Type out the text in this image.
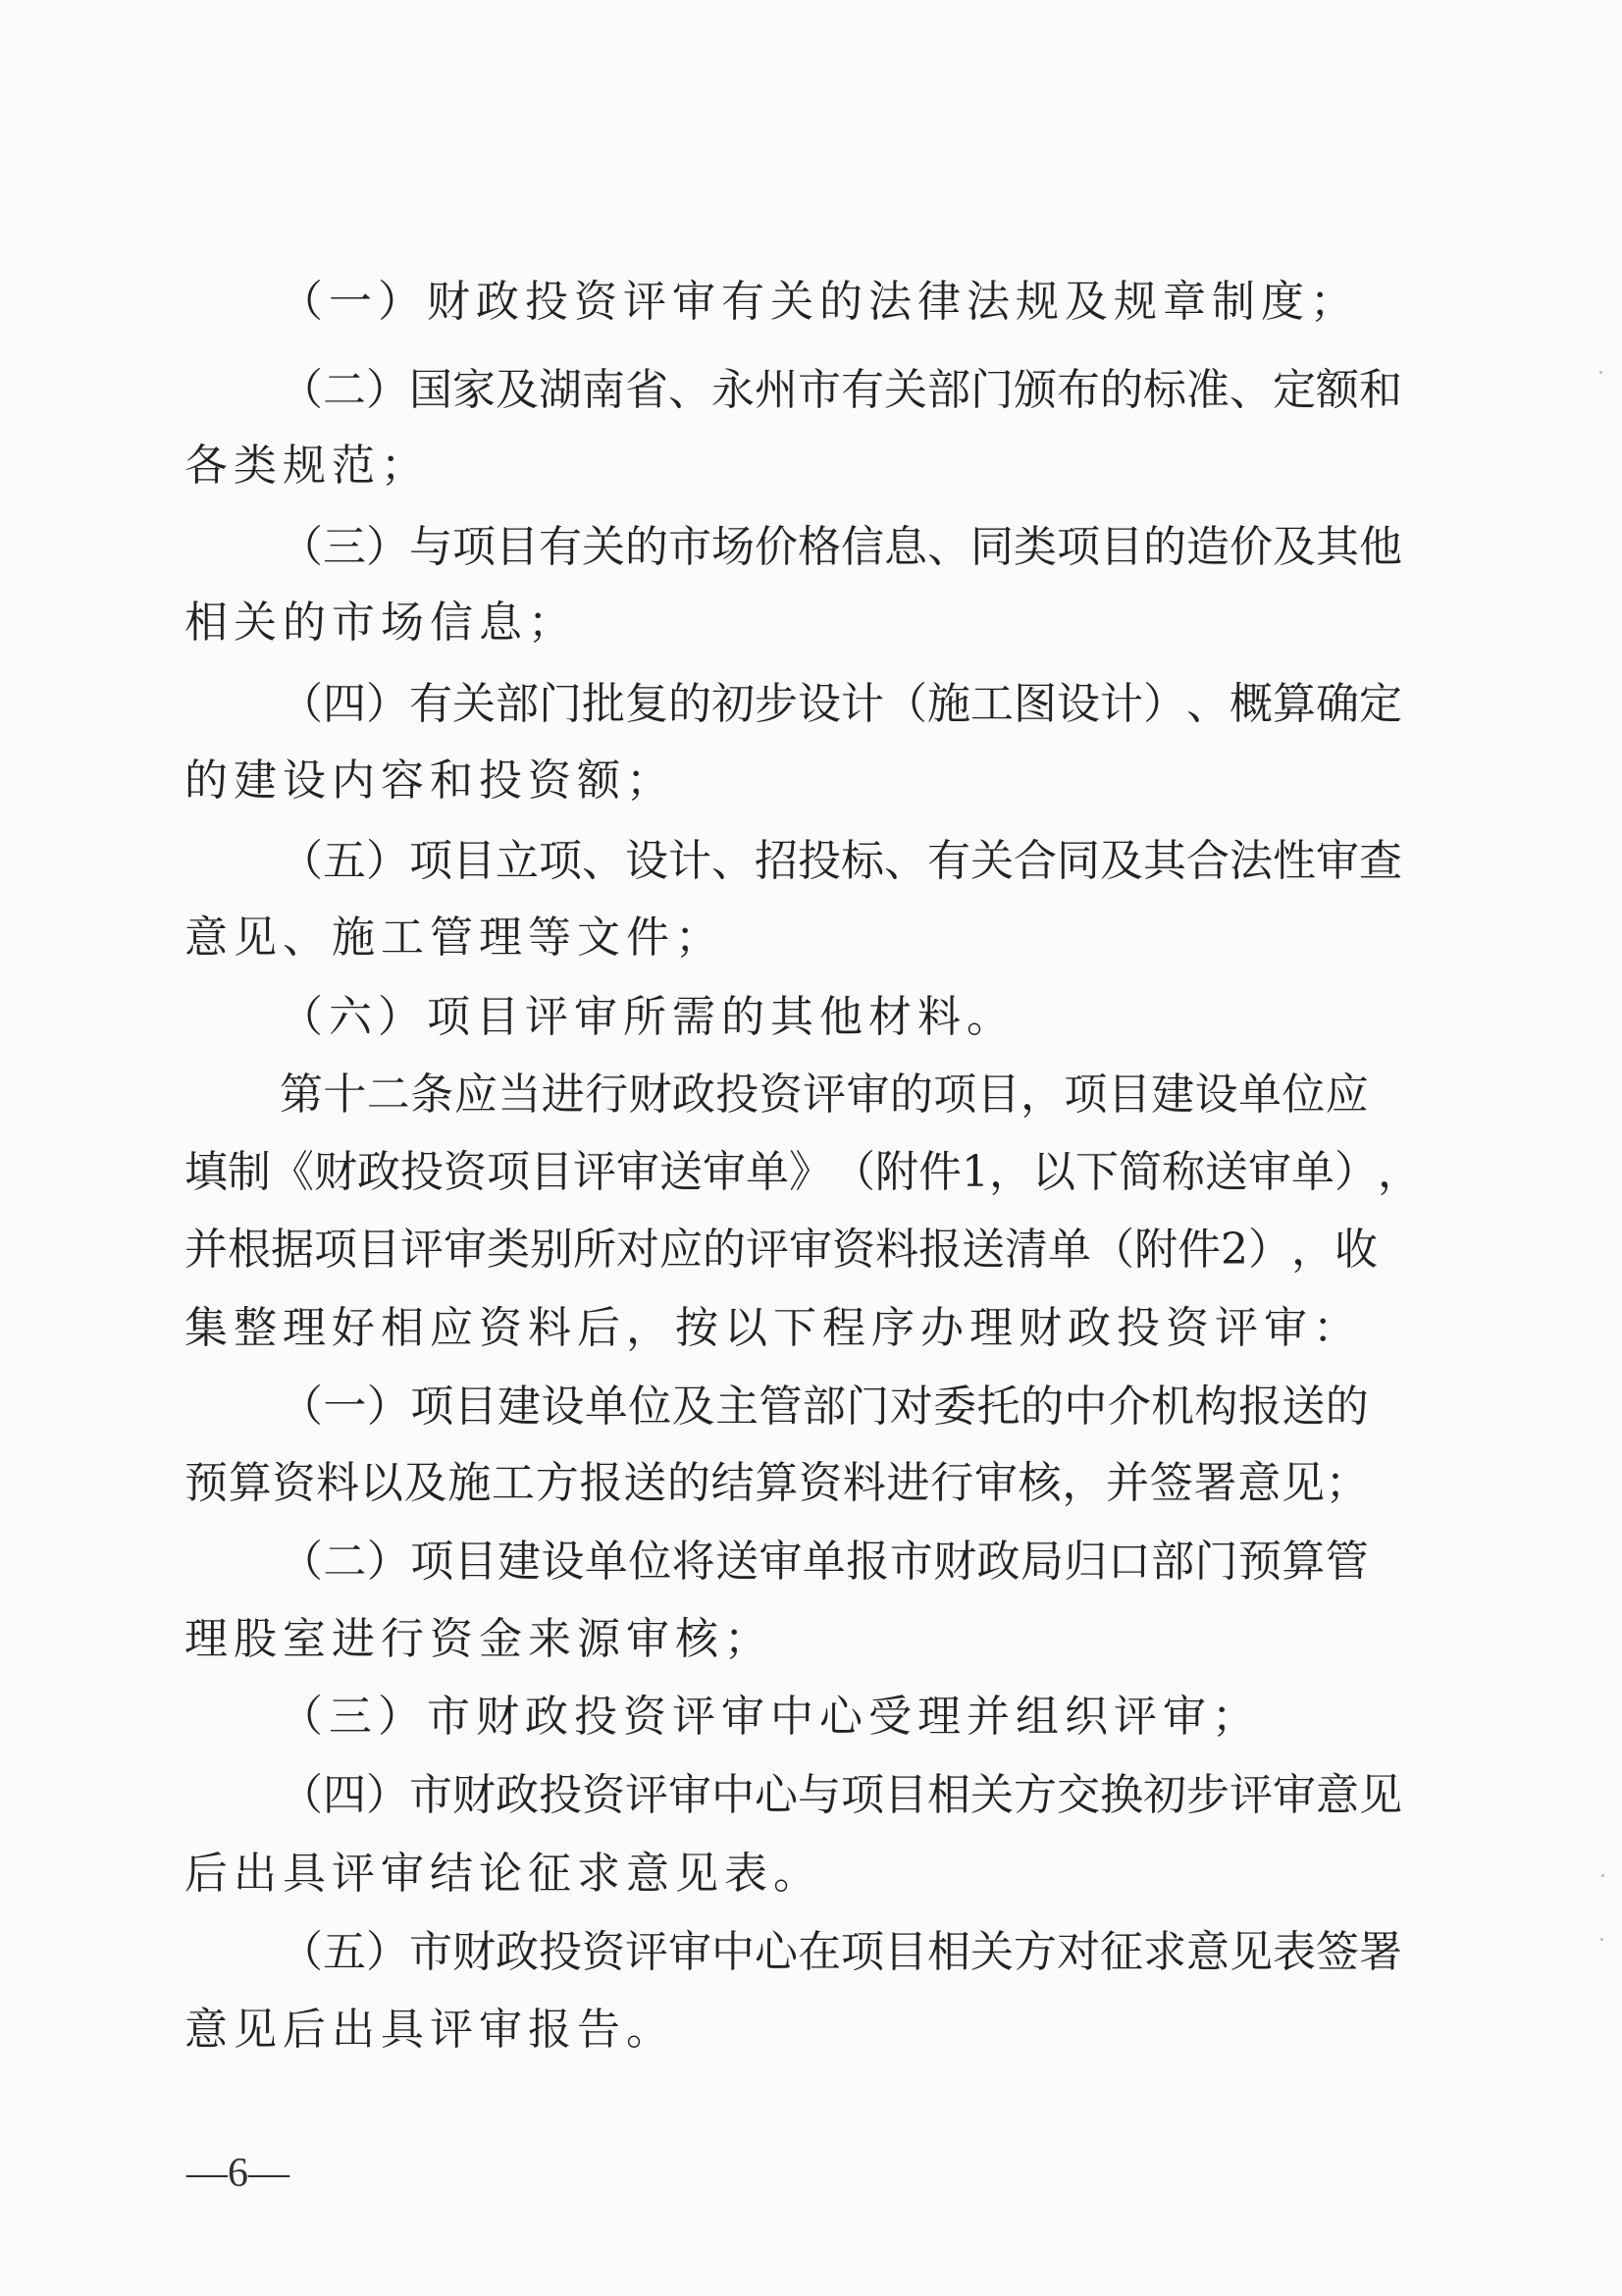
（一）财政投资评审有关的法律法规及规章制度；
（ 二 ） 国 家 及 湖 南 省 、 永 州 市 有 关 部 门 颁 布 的 标 准 、 定 额 和
各类规范；
（ 三 ） 与 项 目 有 关 的 市 场 价 格 信 息 、 同 类 项 目 的 造 价 及 其 他
相关的市场信息；
（ 四 ） 有 关 部 门 批 复 的 初 步 设 计 （ 施 工 图 设 计 ） 、 概 算 确 定
的建设内容和投资额；
（ 五 ） 项 目 立 项 、 设 计 、 招 投 标 、 有 关 合 同 及 其 合 法 性 审 查
意见、施工管理等文件；
（六）项目评审所需的其他材料。
第 十 二 条 应 当 进 行 财 政 投 资 评 审 的 项 目 ， 项 目 建 设 单 位 应
填 制 《 财 政 投 资 项 目 评 审 送 审 单 》 （ 附 件 1 ， 以 下 简 称 送 审 单 ） ，
并 根 据 项 目 评 审 类 别 所 对 应 的 评 审 资 料 报 送 清 单 （ 附 件 2 ） ， 收
集整理好相应资料后，按以下程序办理财政投资评审：
（ 一 ） 项 目 建 设 单 位 及 主 管 部 门 对 委 托 的 中 介 机 构 报 送 的
预 算 资 料 以 及 施 工 方 报 送 的 结 算 资 料 进 行 审 核 ， 并 签 署 意 见 ；
（ 二 ） 项 目 建 设 单 位 将 送 审 单 报 市 财 政 局 归 口 部 门 预 算 管
理股室进行资金来源审核；
（三）市财政投资评审中心受理并组织评审；
（ 四 ） 市 财 政 投 资 评 审 中 心 与 项 目 相 关 方 交 换 初 步 评 审 意 见
后出具评审结论征求意见表。
（ 五 ） 市 财 政 投 资 评 审 中 心 在 项 目 相 关 方 对 征 求 意 见 表 签 署
意见后出具评审报告。
—6—
